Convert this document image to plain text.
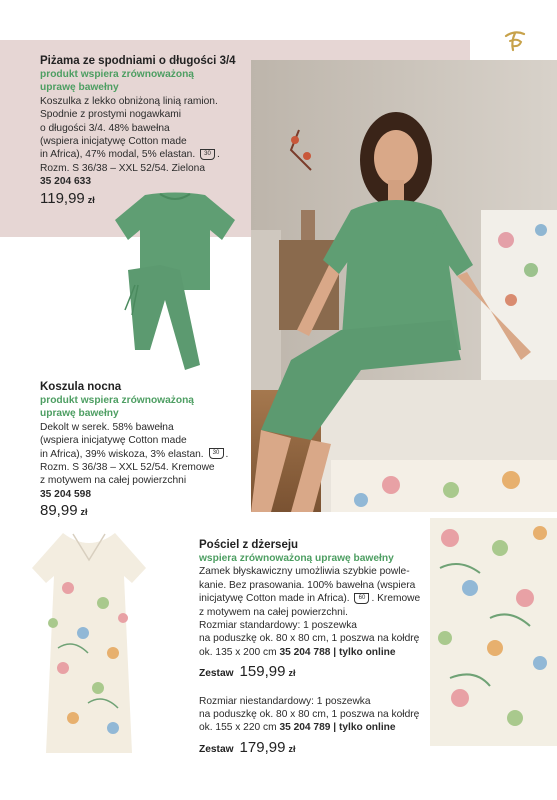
Piżama ze spodniami o długości 3/4
produkt wspiera zrównoważoną
uprawę bawełny
Koszulka z lekko obniżoną linią ramion.
Spodnie z prostymi nogawkami
o długości 3/4. 48% bawełna
(wspiera inicjatywę Cotton made
in Africa), 47% modal, 5% elastan. 30 .
Rozm. S 36/38 – XXL 52/54. Zielona
35 204 633
119,99 zł
Koszula nocna
produkt wspiera zrównoważoną
uprawę bawełny
Dekolt w serek. 58% bawełna
(wspiera inicjatywę Cotton made
in Africa), 39% wiskoza, 3% elastan. 30 .
Rozm. S 36/38 – XXL 52/54. Kremowe
z motywem na całej powierzchni
35 204 598
89,99 zł
Pościel z dżerseju
wspiera zrównoważoną uprawę bawełny
Zamek błyskawiczny umożliwia szybkie powle-
kanie. Bez prasowania. 100% bawełna (wspiera
inicjatywę Cotton made in Africa). 60 . Kremowe
z motywem na całej powierzchni.
Rozmiar standardowy: 1 poszewka
na poduszkę ok. 80 x 80 cm, 1 poszwa na kołdrę
ok. 135 x 200 cm 35 204 788 | tylko online
Zestaw 159,99 zł
Rozmiar niestandardowy: 1 poszewka
na poduszkę ok. 80 x 80 cm, 1 poszwa na kołdrę
ok. 155 x 220 cm 35 204 789 | tylko online
Zestaw 179,99 zł
